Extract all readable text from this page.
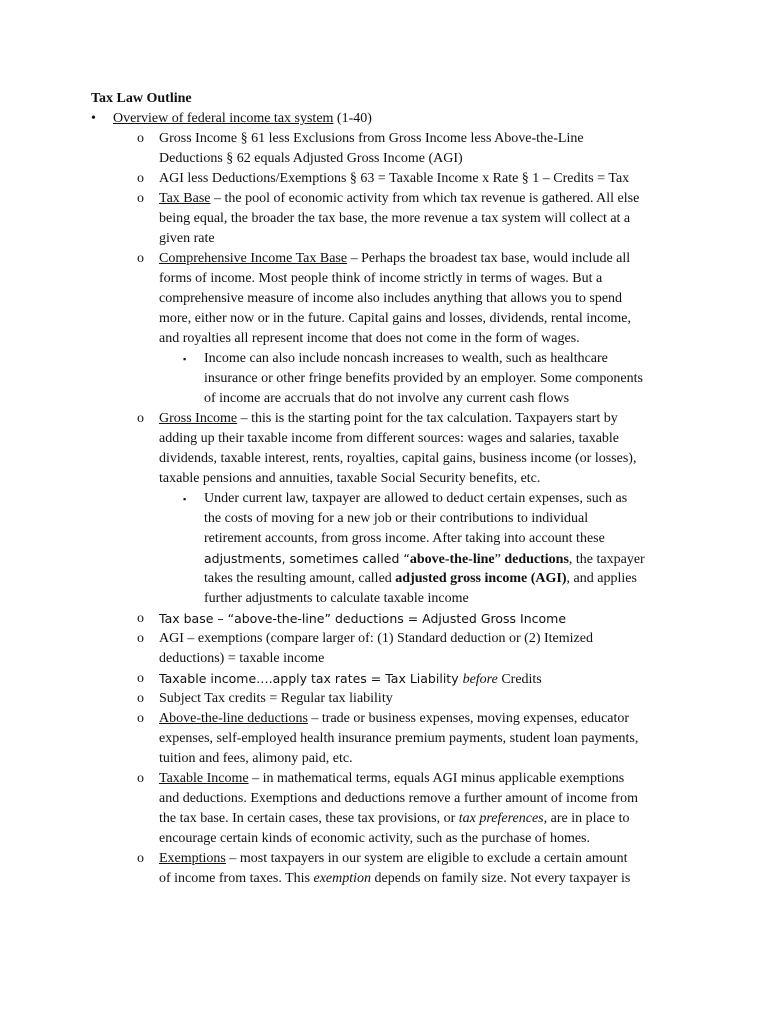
Tax Law Outline
• Overview of federal income tax system (1-40)

o Gross Income § 61 less Exclusions from Gross Income less Above-the-Line

Deductions § 62 equals Adjusted Gross Income (AGI)

o AGI less Deductions/Exemptions § 63 = Taxable Income x Rate § 1 – Credits = Tax

o Tax Base – the pool of economic activity from which tax revenue is gathered. All else

being equal, the broader the tax base, the more revenue a tax system will collect at a

given rate

o Comprehensive Income Tax Base – Perhaps the broadest tax base, would include all

forms of income. Most people think of income strictly in terms of wages. But a

comprehensive measure of income also includes anything that allows you to spend

more, either now or in the future. Capital gains and losses, dividends, rental income,

and royalties all represent income that does not come in the form of wages.

▪ Income can also include noncash increases to wealth, such as healthcare

insurance or other fringe benefits provided by an employer. Some components

of income are accruals that do not involve any current cash flows

o Gross Income – this is the starting point for the tax calculation. Taxpayers start by

adding up their taxable income from different sources: wages and salaries, taxable

dividends, taxable interest, rents, royalties, capital gains, business income (or losses),

taxable pensions and annuities, taxable Social Security benefits, etc.

▪ Under current law, taxpayer are allowed to deduct certain expenses, such as

the costs of moving for a new job or their contributions to individual

retirement accounts, from gross income. After taking into account these

adjustments, sometimes called “above-the-line” deductions, the taxpayer

takes the resulting amount, called adjusted gross income (AGI), and applies

further adjustments to calculate taxable income

o Tax base – “above-the-line” deductions = Adjusted Gross Income

o AGI – exemptions (compare larger of: (1) Standard deduction or (2) Itemized

deductions) = taxable income

o Taxable income….apply tax rates = Tax Liability before Credits

o Subject Tax credits = Regular tax liability

o Above-the-line deductions – trade or business expenses, moving expenses, educator

expenses, self-employed health insurance premium payments, student loan payments,

tuition and fees, alimony paid, etc.

o Taxable Income – in mathematical terms, equals AGI minus applicable exemptions

and deductions. Exemptions and deductions remove a further amount of income from

the tax base. In certain cases, these tax provisions, or tax preferences, are in place to

encourage certain kinds of economic activity, such as the purchase of homes.

o Exemptions – most taxpayers in our system are eligible to exclude a certain amount

of income from taxes. This exemption depends on family size. Not every taxpayer is
